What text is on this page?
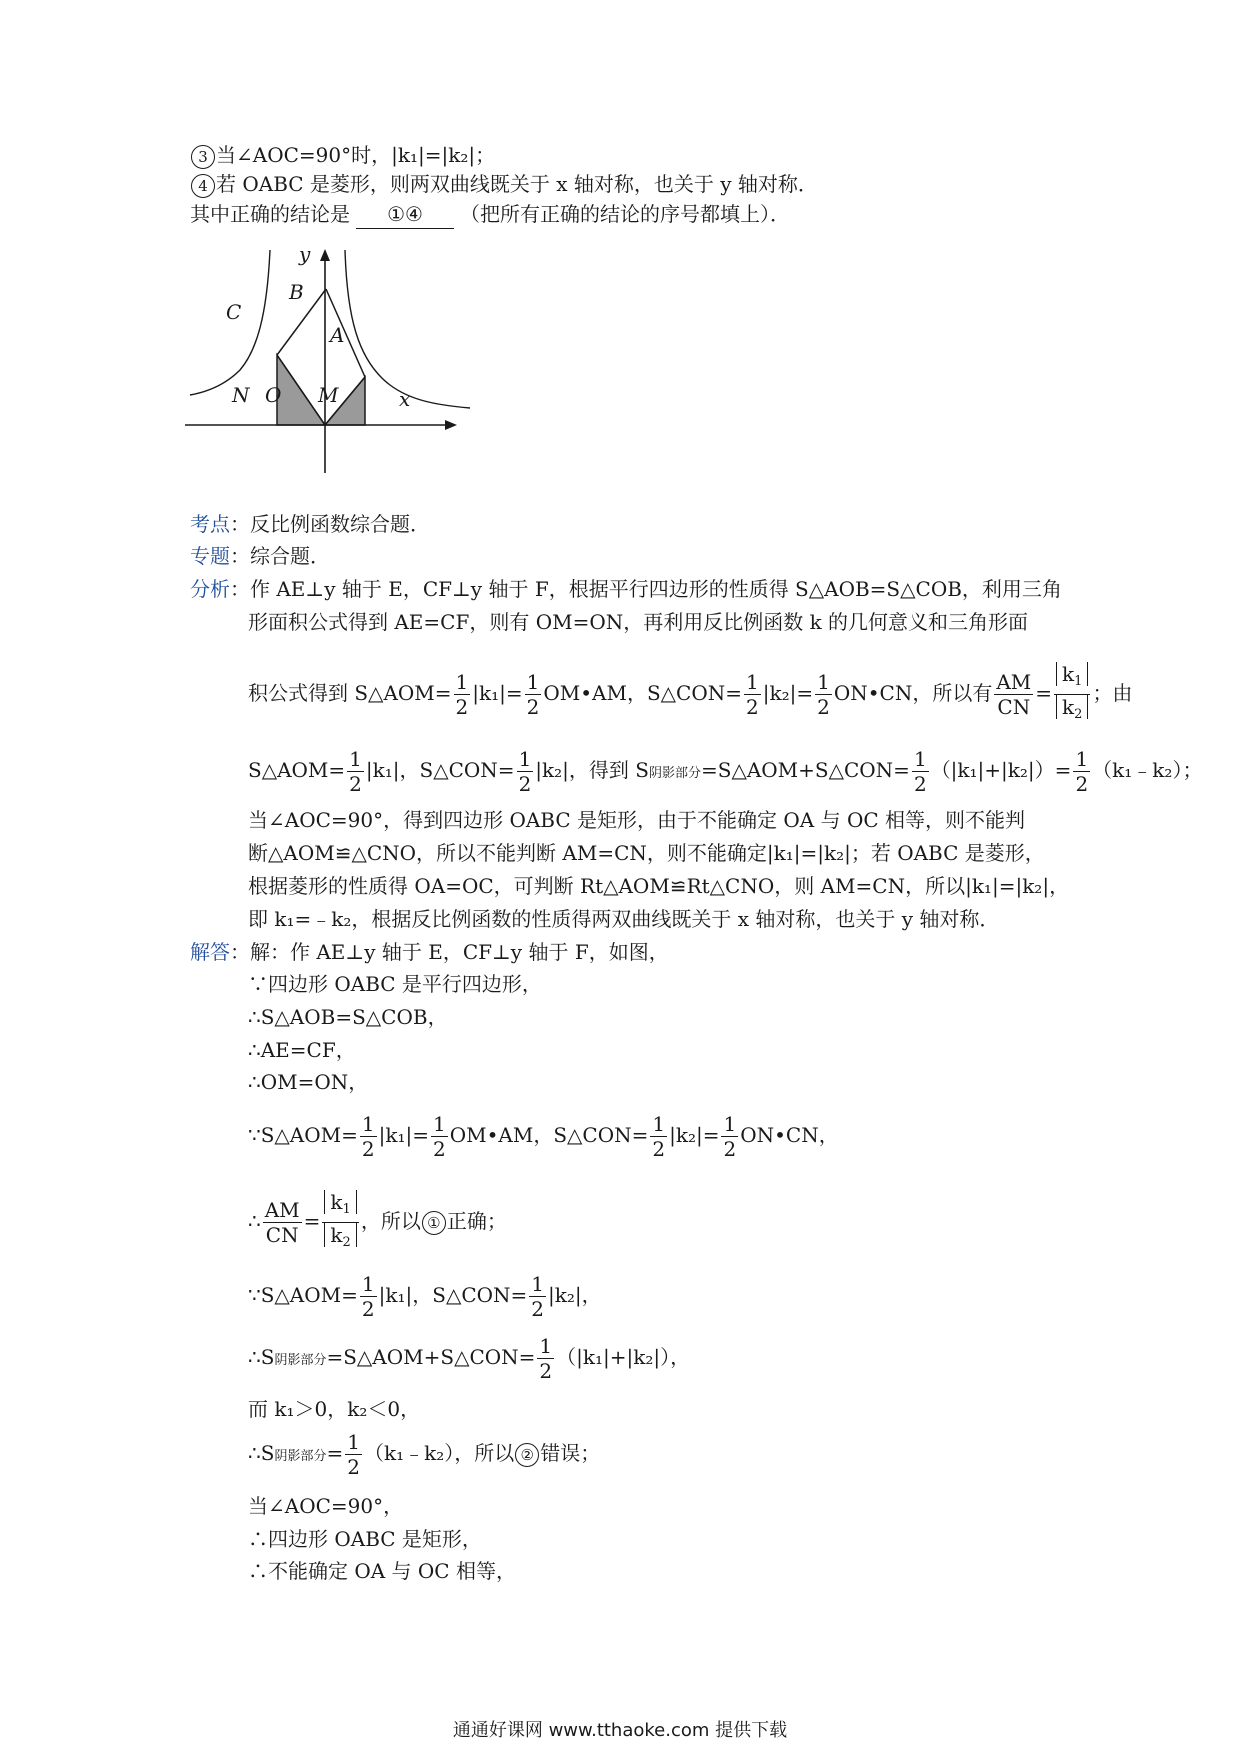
3 当∠AOC=90°时，|k₁|=|k₂|；
4 若 OABC 是菱形，则两双曲线既关于 x 轴对称，也关于 y 轴对称．
其中正确的结论是 ①④ （把所有正确的结论的序号都填上）．
y
B
C
A
N O M	x
考点：反比例函数综合题．
专题：综合题．
分析：作 AE⊥y 轴于 E，CF⊥y 轴于 F，根据平行四边形的性质得 S△AOB=S△COB，利用三角
形面积公式得到 AE=CF，则有 OM=ON，再利用反比例函数 k 的几何意义和三角形面
积公式得到 S△AOM= $\frac{1}{2} |k_1|= \frac{1}{2}$ OM•AM，S△CON= $\frac{1}{2} |k_2|= \frac{1}{2}$ ON•CN，所以有 $\frac{AM}{CN} = \frac{k_1}{k_2}$ ；由
S△AOM= $\frac{1}{2} |k_1|$，S△CON= $\frac{1}{2} |k_2|$，得到 S阴影部分=S△AOM+S△CON= $\frac{1}{2} (|k_1|+|k_2|)= \frac{1}{2}$ （k₁﹣k₂）；
当∠AOC=90°，得到四边形 OABC 是矩形，由于不能确定 OA 与 OC 相等，则不能判
断△AOM≌△CNO，所以不能判断 AM=CN，则不能确定|k₁|=|k₂|；若 OABC 是菱形，
根据菱形的性质得 OA=OC，可判断 Rt△AOM≌Rt△CNO，则 AM=CN，所以|k₁|=|k₂|，
即 k₁=﹣k₂，根据反比例函数的性质得两双曲线既关于 x 轴对称，也关于 y 轴对称．
解答：解：作 AE⊥y 轴于 E，CF⊥y 轴于 F，如图，
∵四边形 OABC 是平行四边形，
∴S△AOB=S△COB，
∴AE=CF，
∴OM=ON，
∵S△AOM= $\frac{1}{2} |k_1|= \frac{1}{2}$ OM•AM，S△CON= $\frac{1}{2} |k_2|= \frac{1}{2}$ ON•CN，
∴ $\frac{AM}{CN} = \frac{k_1}{k_2}$ ，所以 ① 正确；
∵S△AOM= $\frac{1}{2} |k_1|$，S△CON= $\frac{1}{2} |k_2|$，
∴S阴影部分=S△AOM+S△CON= $\frac{1}{2} (|k_1|+|k_2|)$，
而 k₁＞0，k₂＜0，
∴S阴影部分= $\frac{1}{2}$ （k₁﹣k₂），所以 ② 错误；
当∠AOC=90°，
∴四边形 OABC 是矩形，
∴不能确定 OA 与 OC 相等，
通通好课网 www.tthaoke.com 提供下载
